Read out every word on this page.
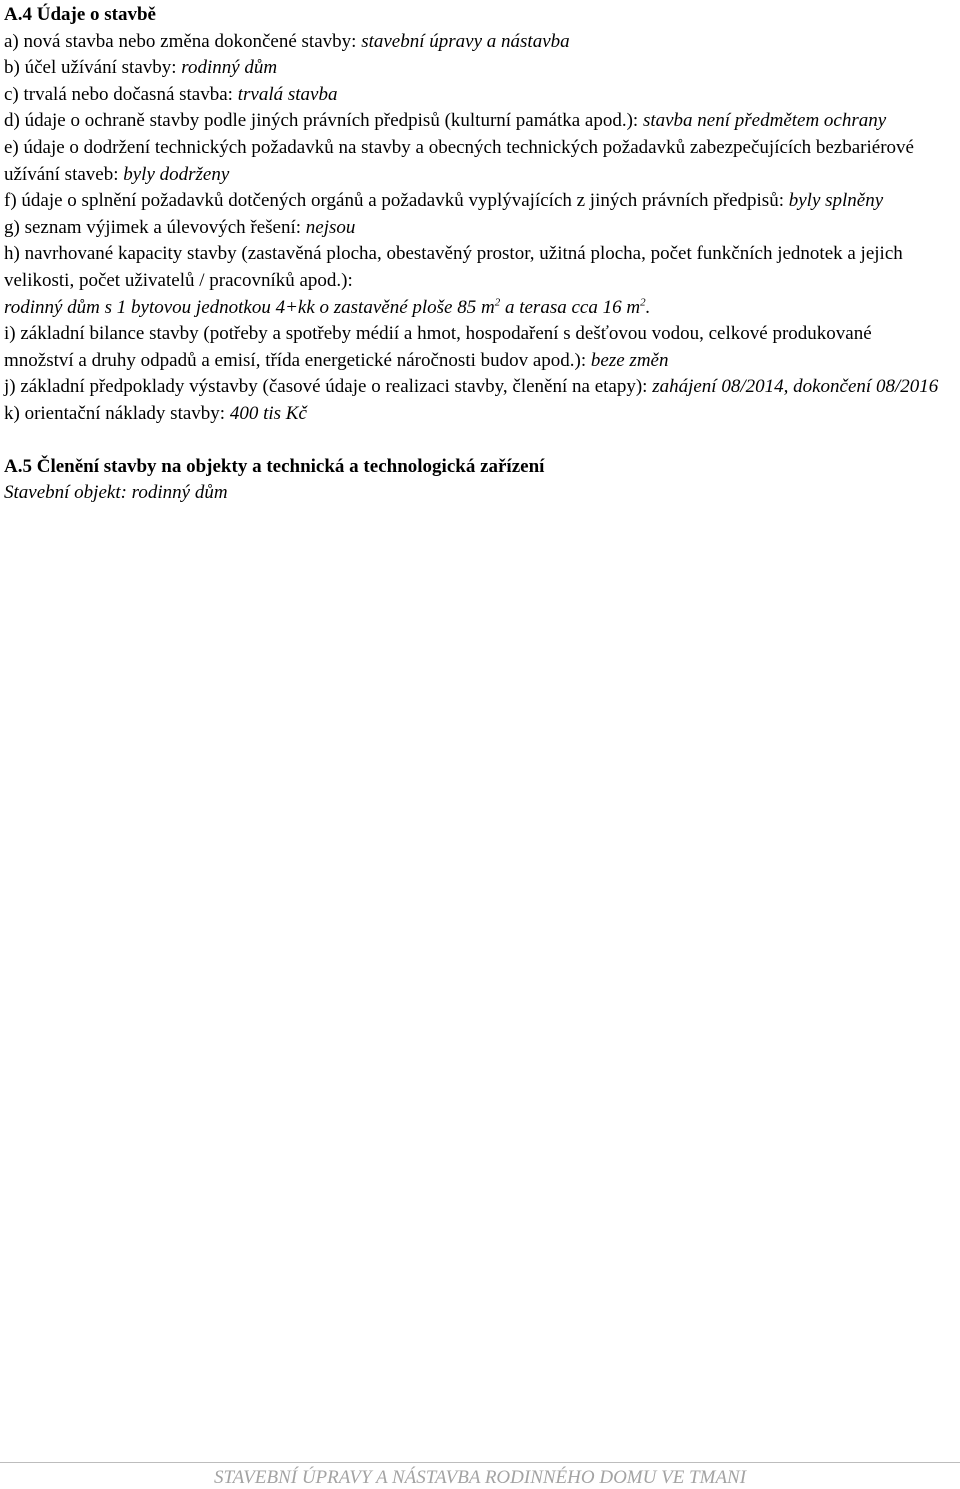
A.4 Údaje o stavbě

a) nová stavba nebo změna dokončené stavby: stavební úpravy a nástavba

b) účel užívání stavby: rodinný dům

c) trvalá nebo dočasná stavba: trvalá stavba

d) údaje o ochraně stavby podle jiných právních předpisů (kulturní památka apod.): stavba není předmětem ochrany

e) údaje o dodržení technických požadavků na stavby a obecných technických požadavků zabezpečujících bezbariérové užívání staveb: byly dodrženy

f) údaje o splnění požadavků dotčených orgánů a požadavků vyplývajících z jiných právních předpisů: byly splněny

g) seznam výjimek a úlevových řešení: nejsou

h) navrhované kapacity stavby (zastavěná plocha, obestavěný prostor, užitná plocha, počet funkčních jednotek a jejich velikosti, počet uživatelů / pracovníků apod.):

rodinný dům s 1 bytovou jednotkou 4+kk o zastavěné ploše 85 $m^2$ a terasa cca 16 $m^2$.

i) základní bilance stavby (potřeby a spotřeby médií a hmot, hospodaření s dešťovou vodou, celkové produkované množství a druhy odpadů a emisí, třída energetické náročnosti budov apod.): beze změn

j) základní předpoklady výstavby (časové údaje o realizaci stavby, členění na etapy): zahájení 08/2014, dokončení 08/2016

k) orientační náklady stavby: 400 tis Kč

A.5 Členění stavby na objekty a technická a technologická zařízení

Stavební objekt: rodinný dům

STAVEBNÍ ÚPRAVY A NÁSTAVBA RODINNÉHO DOMU VE TMANI
